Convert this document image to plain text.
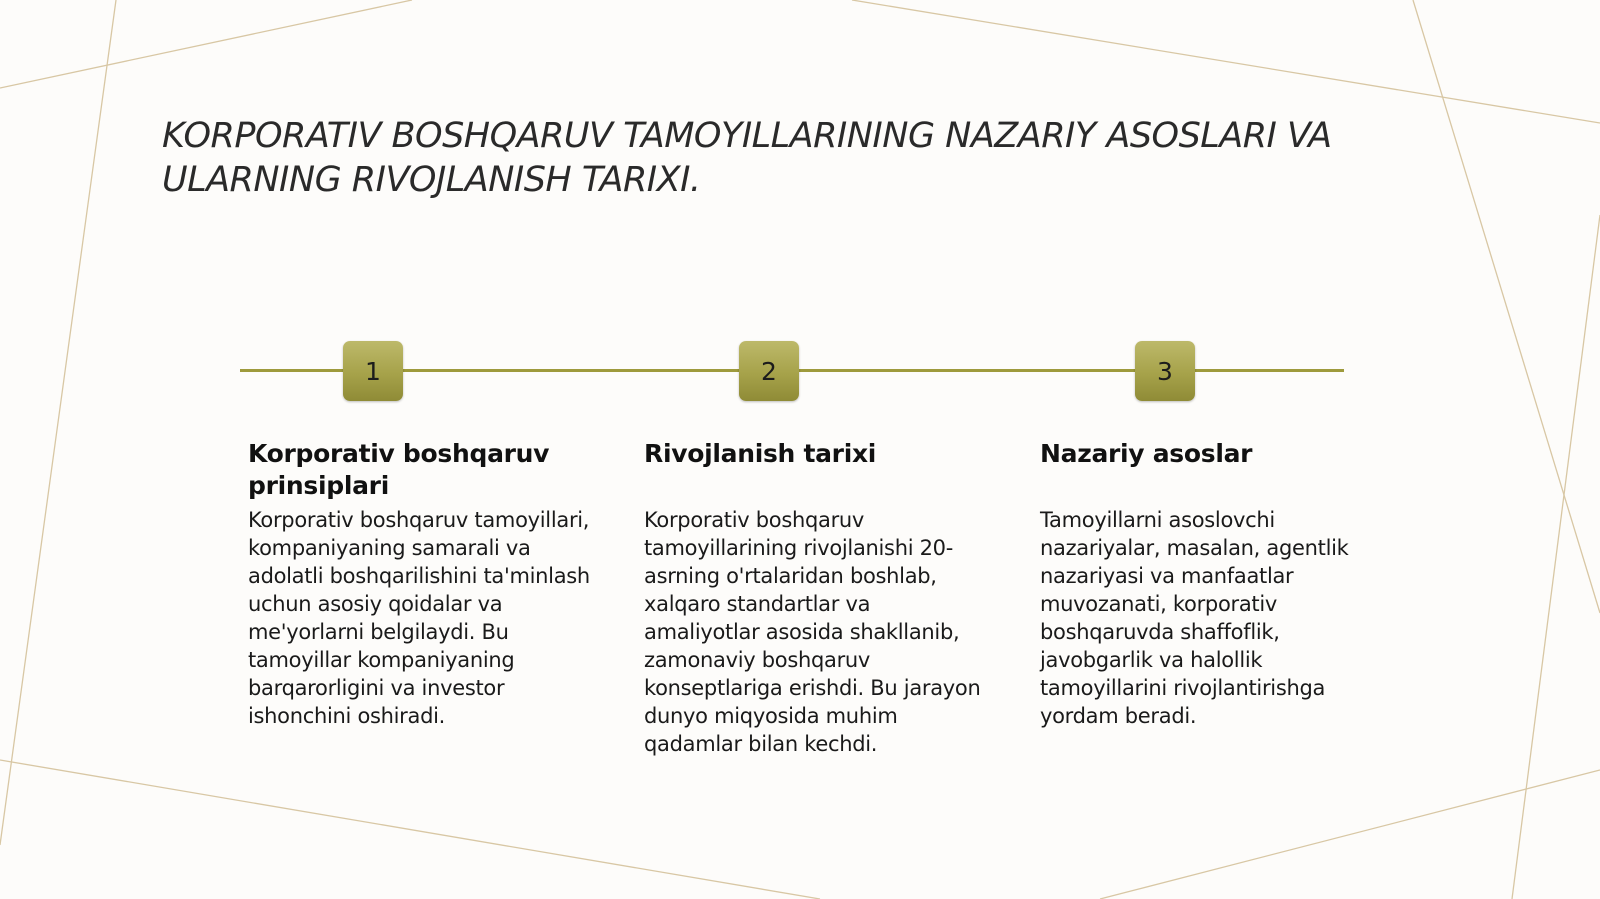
KORPORATIV BOSHQARUV TAMOYILLARINING NAZARIY ASOSLARI VA ULARNING RIVOJLANISH TARIXI.
1	2	3
Korporativ boshqaruv prinsiplari

Korporativ boshqaruv tamoyillari, kompaniyaning samarali va adolatli boshqarilishini ta'minlash uchun asosiy qoidalar va me'yorlarni belgilaydi. Bu tamoyillar kompaniyaning barqarorligini va investor ishonchini oshiradi.

Rivojlanish tarixi

Korporativ boshqaruv tamoyillarining rivojlanishi 20-asrning o'rtalaridan boshlab, xalqaro standartlar va amaliyotlar asosida shakllanib, zamonaviy boshqaruv konseptlariga erishdi. Bu jarayon dunyo miqyosida muhim qadamlar bilan kechdi.

Nazariy asoslar

Tamoyillarni asoslovchi nazariyalar, masalan, agentlik nazariyasi va manfaatlar muvozanati, korporativ boshqaruvda shaffoflik, javobgarlik va halollik tamoyillarini rivojlantirishga yordam beradi.
